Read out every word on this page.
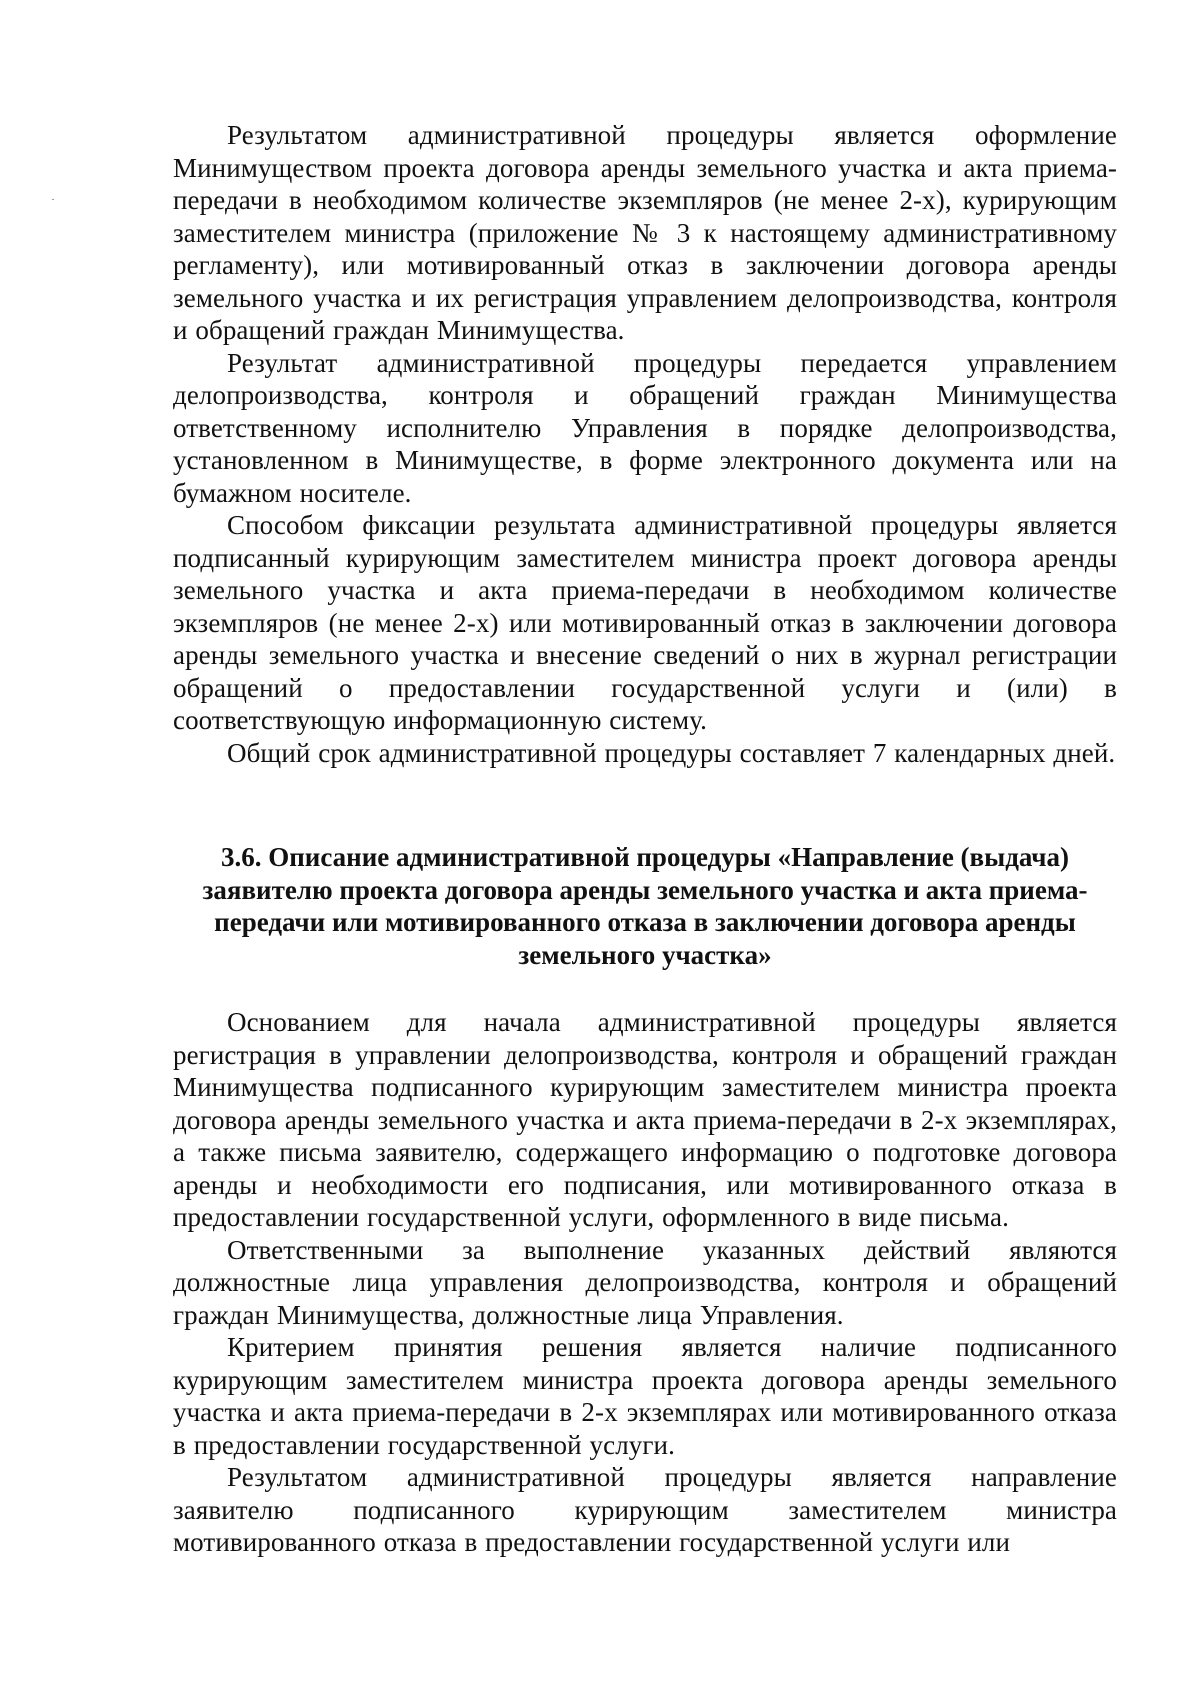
Результатом административной процедуры является оформление Минимуществом проекта договора аренды земельного участка и акта приема-передачи в необходимом количестве экземпляров (не менее 2-х), курирующим заместителем министра (приложение № 3 к настоящему административному регламенту), или мотивированный отказ в заключении договора аренды земельного участка и их регистрация управлением делопроизводства, контроля и обращений граждан Минимущества.

Результат административной процедуры передается управлением делопроизводства, контроля и обращений граждан Минимущества ответственному исполнителю Управления в порядке делопроизводства, установленном в Минимуществе, в форме электронного документа или на бумажном носителе.

Способом фиксации результата административной процедуры является подписанный курирующим заместителем министра проект договора аренды земельного участка и акта приема-передачи в необходимом количестве экземпляров (не менее 2-х) или мотивированный отказ в заключении договора аренды земельного участка и внесение сведений о них в журнал регистрации обращений о предоставлении государственной услуги и (или) в соответствующую информационную систему.

Общий срок административной процедуры составляет 7 календарных дней.

3.6. Описание административной процедуры «Направление (выдача) заявителю проекта договора аренды земельного участка и акта приема-передачи или мотивированного отказа в заключении договора аренды земельного участка»

Основанием для начала административной процедуры является регистрация в управлении делопроизводства, контроля и обращений граждан Минимущества подписанного курирующим заместителем министра проекта договора аренды земельного участка и акта приема-передачи в 2-х экземплярах, а также письма заявителю, содержащего информацию о подготовке договора аренды и необходимости его подписания, или мотивированного отказа в предоставлении государственной услуги, оформленного в виде письма.

Ответственными за выполнение указанных действий являются должностные лица управления делопроизводства, контроля и обращений граждан Минимущества, должностные лица Управления.

Критерием принятия решения является наличие подписанного курирующим заместителем министра проекта договора аренды земельного участка и акта приема-передачи в 2-х экземплярах или мотивированного отказа в предоставлении государственной услуги.

Результатом административной процедуры является направление заявителю подписанного курирующим заместителем министра мотивированного отказа в предоставлении государственной услуги или
